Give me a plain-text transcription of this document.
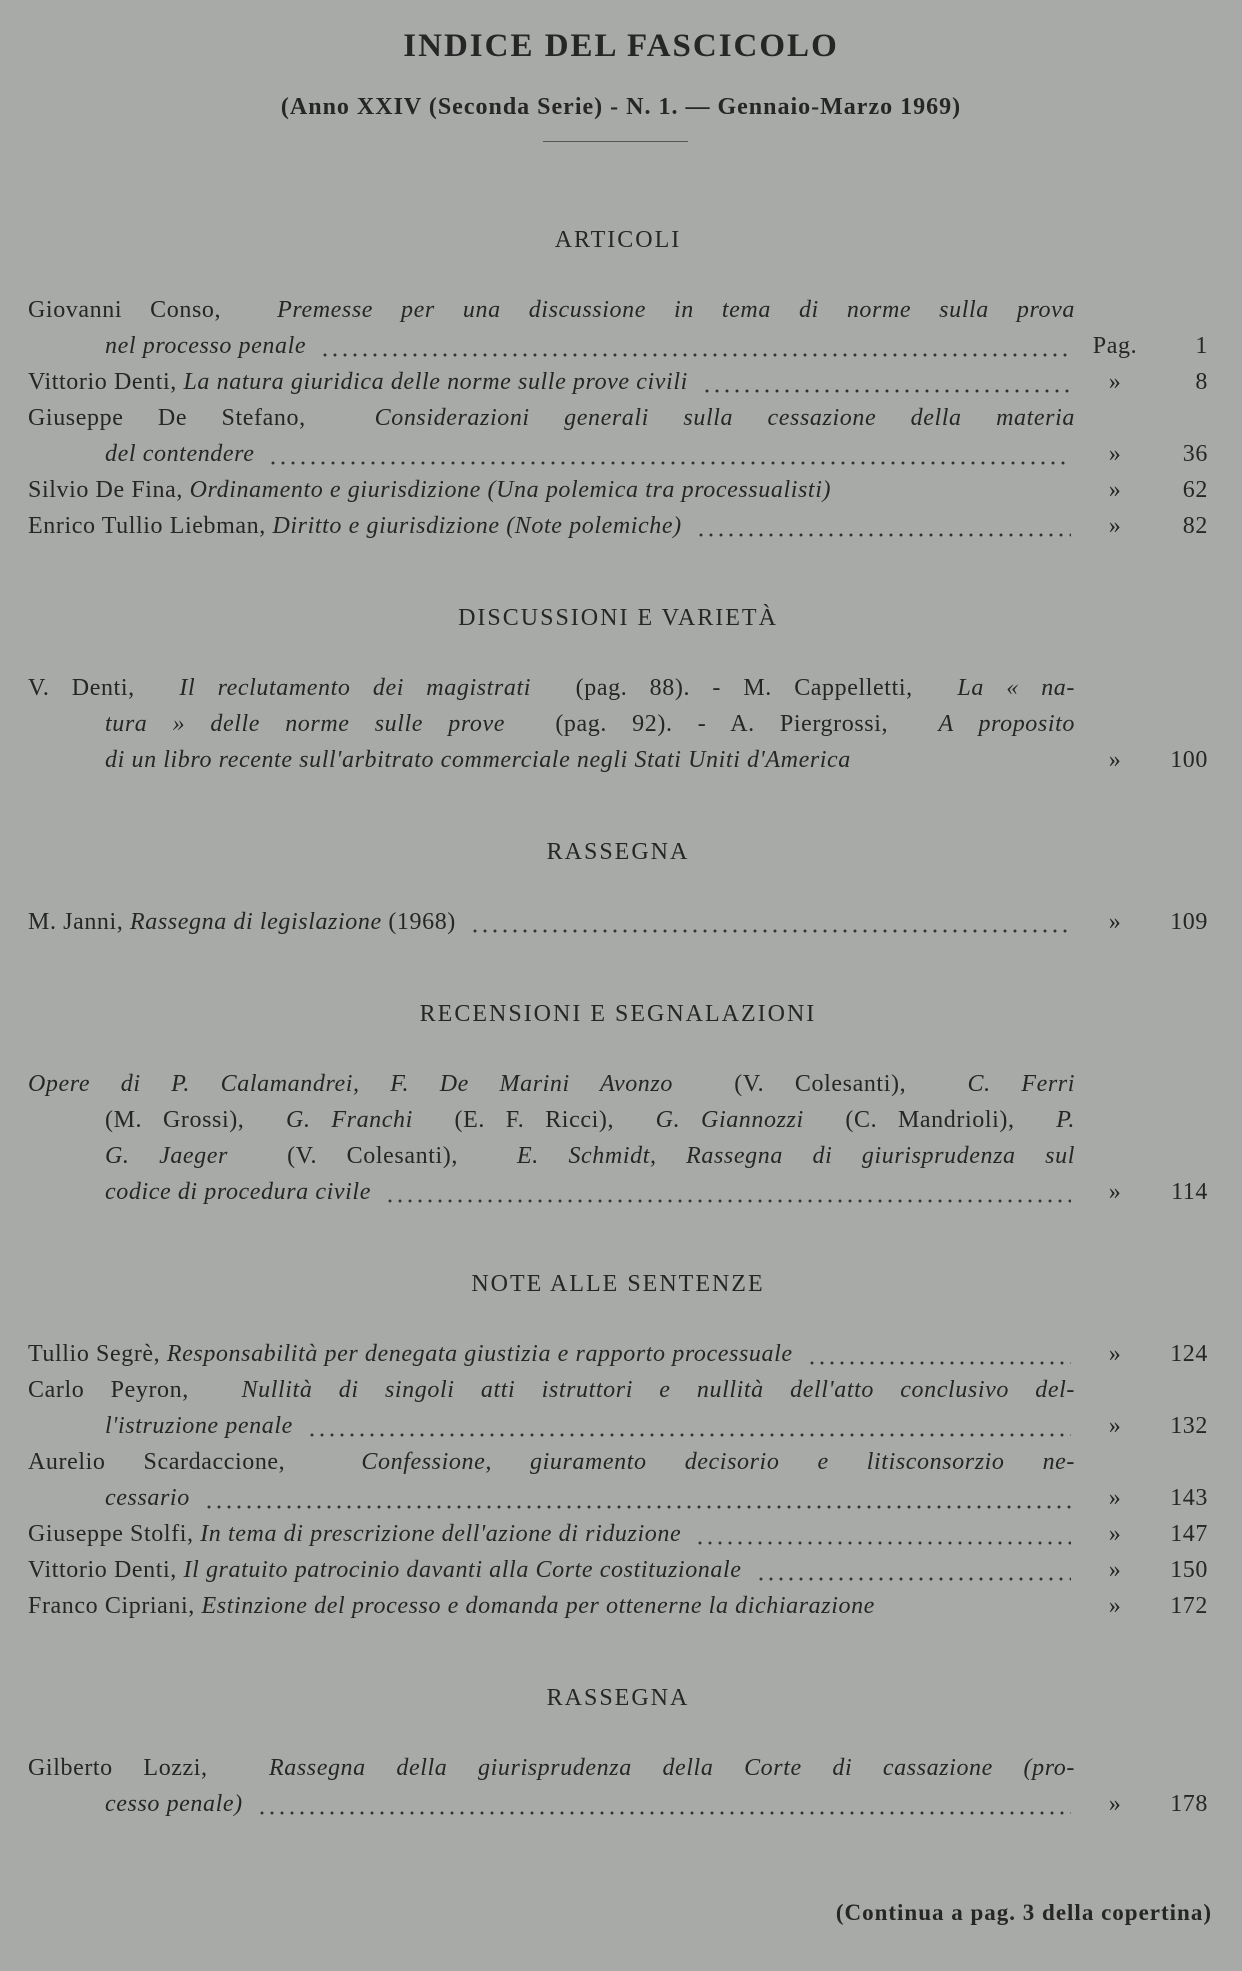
INDICE DEL FASCICOLO
(Anno XXIV (Seconda Serie) - N. 1. — Gennaio-Marzo 1969)
ARTICOLI
Giovanni Conso,  Premesse per una discussione in tema di norme sulla prova
nel processo penale	Pag.	1
Vittorio Denti, La natura giuridica delle norme sulle prove civili	»	8
Giuseppe De Stefano,  Considerazioni generali sulla cessazione della materia
del contendere	»	36
Silvio De Fina, Ordinamento e giurisdizione (Una polemica tra processualisti)	»	62
Enrico Tullio Liebman, Diritto e giurisdizione (Note polemiche)	»	82
DISCUSSIONI E VARIETÀ
V. Denti,  Il reclutamento dei magistrati  (pag. 88). - M. Cappelletti,  La « na-
tura » delle norme sulle prove  (pag. 92). - A. Piergrossi,  A proposito
di un libro recente sull'arbitrato commerciale negli Stati Uniti d'America	»	100
RASSEGNA
M. Janni, Rassegna di legislazione (1968)	»	109
RECENSIONI E SEGNALAZIONI
Opere di P. Calamandrei, F. De Marini Avonzo  (V. Colesanti),  C. Ferri
(M. Grossi),  G. Franchi  (E. F. Ricci),  G. Giannozzi  (C. Mandrioli),  P.
G. Jaeger  (V. Colesanti),  E. Schmidt, Rassegna di giurisprudenza sul
codice di procedura civile	»	114
NOTE ALLE SENTENZE
Tullio Segrè, Responsabilità per denegata giustizia e rapporto processuale	»	124
Carlo Peyron,  Nullità di singoli atti istruttori e nullità dell'atto conclusivo del-
l'istruzione penale	»	132
Aurelio Scardaccione,  Confessione, giuramento decisorio e litisconsorzio ne-
cessario	»	143
Giuseppe Stolfi, In tema di prescrizione dell'azione di riduzione	»	147
Vittorio Denti, Il gratuito patrocinio davanti alla Corte costituzionale	»	150
Franco Cipriani, Estinzione del processo e domanda per ottenerne la dichiarazione	»	172
RASSEGNA
Gilberto Lozzi,  Rassegna della giurisprudenza della Corte di cassazione (pro-
cesso penale)	»	178
(Continua a pag. 3 della copertina)
